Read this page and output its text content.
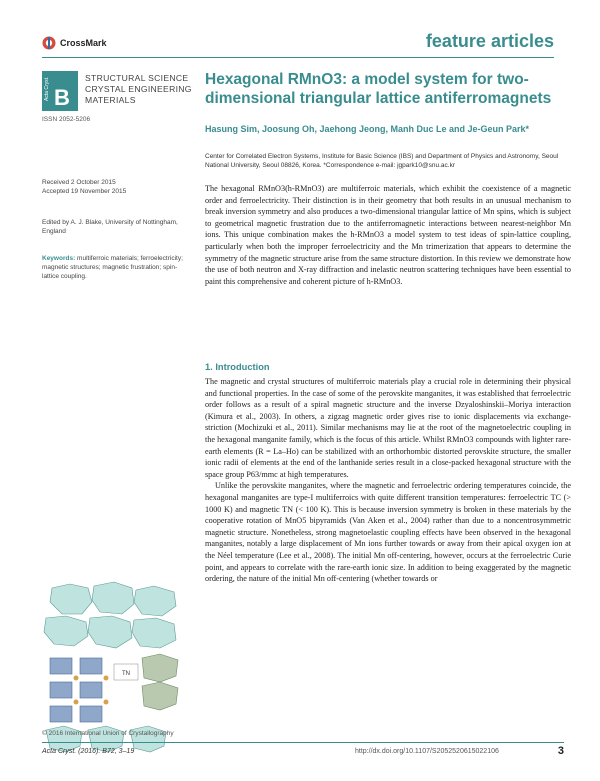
CrossMark	feature articles
B
Acta Cryst.	STRUCTURAL SCIENCE
CRYSTAL ENGINEERING
MATERIALS
ISSN 2052-5206
Hexagonal RMnO3: a model system for two-dimensional triangular lattice antiferromagnets
Hasung Sim, Joosung Oh, Jaehong Jeong, Manh Duc Le and Je-Geun Park*
Center for Correlated Electron Systems, Institute for Basic Science (IBS) and Department of Physics and Astronomy, Seoul National University, Seoul 08826, Korea. *Correspondence e-mail: jgpark10@snu.ac.kr
Received 2 October 2015
Accepted 19 November 2015
Edited by A. J. Blake, University of Nottingham, England
Keywords: multiferroic materials; ferroelectricity; magnetic structures; magnetic frustration; spin-lattice coupling.
The hexagonal RMnO3(h-RMnO3) are multiferroic materials, which exhibit the coexistence of a magnetic order and ferroelectricity. Their distinction is in their geometry that both results in an unusual mechanism to break inversion symmetry and also produces a two-dimensional triangular lattice of Mn spins, which is subject to geometrical magnetic frustration due to the antiferromagnetic interactions between nearest-neighbor Mn ions. This unique combination makes the h-RMnO3 a model system to test ideas of spin-lattice coupling, particularly when both the improper ferroelectricity and the Mn trimerization that appears to determine the symmetry of the magnetic structure arise from the same structure distortion. In this review we demonstrate how the use of both neutron and X-ray diffraction and inelastic neutron scattering techniques have been essential to paint this comprehensive and coherent picture of h-RMnO3.
1. Introduction

The magnetic and crystal structures of multiferroic materials play a crucial role in determining their physical and functional properties. In the case of some of the perovskite manganites, it was established that ferroelectric order follows as a result of a spiral magnetic structure and the inverse Dzyaloshinskii–Moriya interaction (Kimura et al., 2003). In others, a zigzag magnetic order gives rise to ionic displacements via exchange-striction (Mochizuki et al., 2011). Similar mechanisms may lie at the root of the magnetoelectric coupling in the hexagonal manganite family, which is the focus of this article. Whilst RMnO3 compounds with lighter rare-earth elements (R = La–Ho) can be stabilized with an orthorhombic distorted perovskite structure, the smaller ionic radii of elements at the end of the lanthanide series result in a close-packed hexagonal structure with the space group P63/mmc at high temperatures.

Unlike the perovskite manganites, where the magnetic and ferroelectric ordering temperatures coincide, the hexagonal manganites are type-I multiferroics with quite different transition temperatures: ferroelectric TC (> 1000 K) and magnetic TN (< 100 K). This is because inversion symmetry is broken in these materials by the cooperative rotation of MnO5 bipyramids (Van Aken et al., 2004) rather than due to a noncentrosymmetric magnetic structure. Nonetheless, strong magnetoelastic coupling effects have been observed in the hexagonal manganites, notably a large displacement of Mn ions further towards or away from their apical oxygen ion at the Néel temperature (Lee et al., 2008). The initial Mn off-centering, however, occurs at the ferroelectric Curie point, and appears to correlate with the rare-earth ionic size. In addition to being exaggerated by the magnetic ordering, the nature of the initial Mn off-centering (whether towards or

TN
© 2016 International Union of Crystallography
Acta Cryst. (2016). B72, 3–19	http://dx.doi.org/10.1107/S2052520615022106	3
